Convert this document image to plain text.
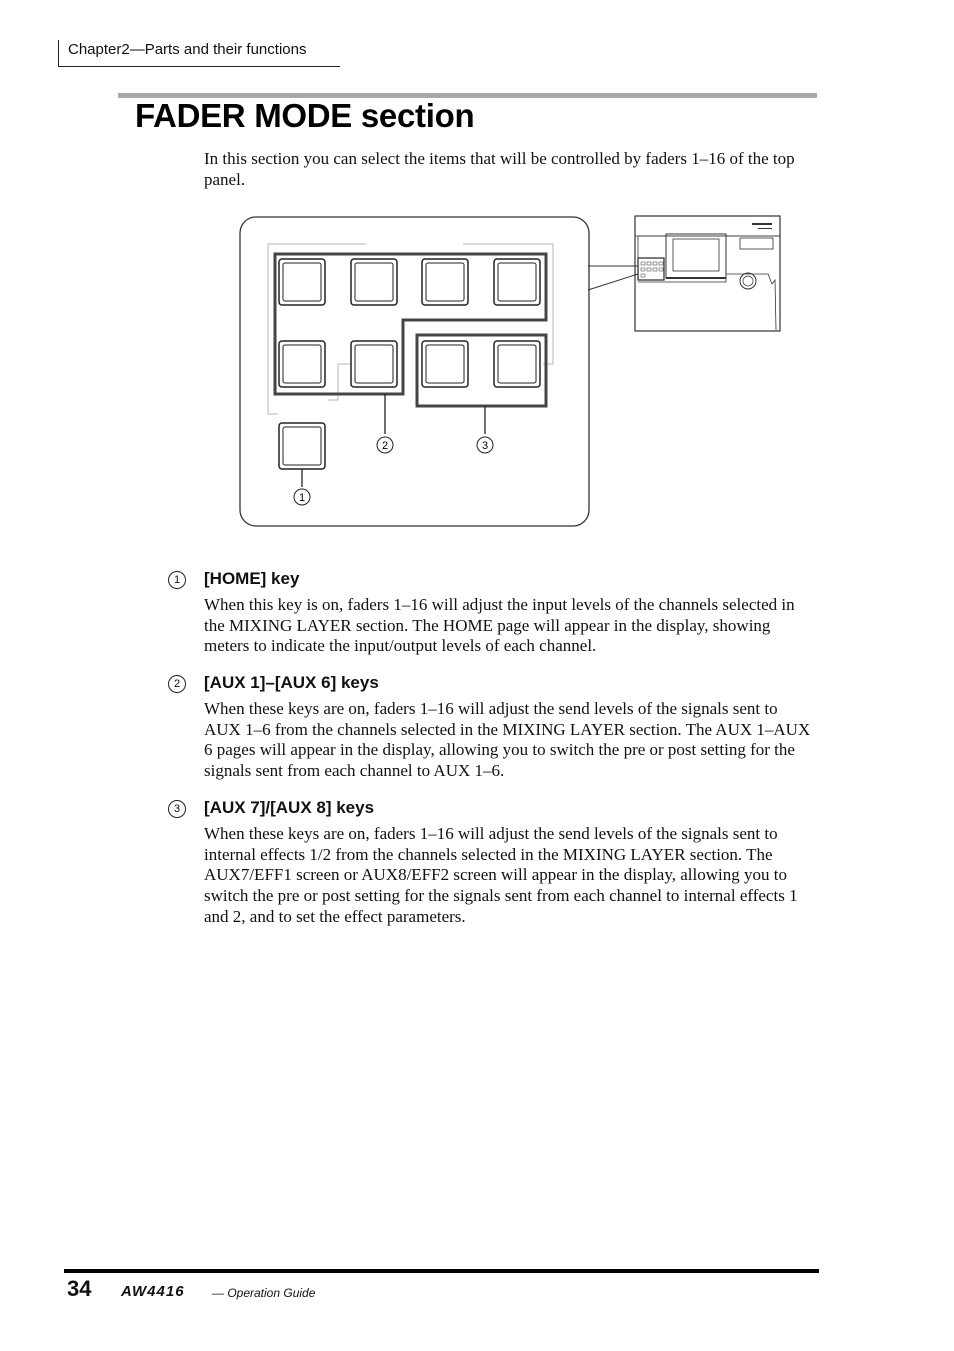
Chapter2—Parts and their functions
FADER MODE section

In this section you can select the items that will be controlled by faders 1–16 of the top panel.

2	3
1
1	[HOME] key

When this key is on, faders 1–16 will adjust the input levels of the channels selected in the MIXING LAYER section. The HOME page will appear in the display, showing meters to indicate the input/output levels of each channel.

2	[AUX 1]–[AUX 6] keys

When these keys are on, faders 1–16 will adjust the send levels of the signals sent to AUX 1–6 from the channels selected in the MIXING LAYER section. The AUX 1–AUX 6 pages will appear in the display, allowing you to switch the pre or post setting for the signals sent from each channel to AUX 1–6.

3	[AUX 7]/[AUX 8] keys

When these keys are on, faders 1–16 will adjust the send levels of the signals sent to internal effects 1/2 from the channels selected in the MIXING LAYER section. The AUX7/EFF1 screen or AUX8/EFF2 screen will appear in the display, allowing you to switch the pre or post setting for the signals sent from each channel to internal effects 1 and 2, and to set the effect parameters.

34 AW4416 — Operation Guide
